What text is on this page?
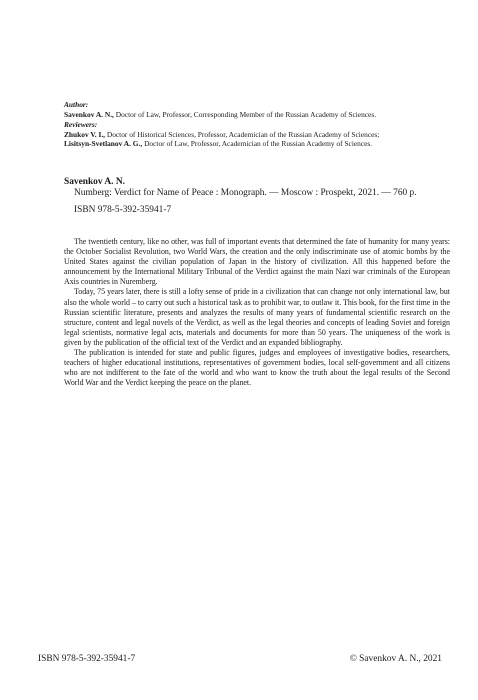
Author:

Savenkov A. N., Doctor of Law, Professor, Corresponding Member of the Russian Academy of Sciences.

Reviewers:

Zhukov V. I., Doctor of Historical Sciences, Professor, Academician of the Russian Academy of Sciences;

Lisitsyn-Svetlanov A. G., Doctor of Law, Professor, Academician of the Russian Academy of Sciences.

Savenkov A. N.

Numberg: Verdict for Name of Peace : Monograph. — Moscow : Prospekt, 2021. — 760 p.

ISBN 978-5-392-35941-7

The twentieth century, like no other, was full of important events that determined the fate of humanity for many years: the October Socialist Revolution, two World Wars, the creation and the only indiscriminate use of atomic bombs by the United States against the civilian population of Japan in the history of civilization. All this happened before the announcement by the International Military Tribunal of the Verdict against the main Nazi war criminals of the European Axis countries in Nuremberg.

Today, 75 years later, there is still a lofty sense of pride in a civilization that can change not only international law, but also the whole world – to carry out such a historical task as to prohibit war, to outlaw it. This book, for the first time in the Russian scientific literature, presents and analyzes the results of many years of fundamental scientific research on the structure, content and legal novels of the Verdict, as well as the legal theories and concepts of leading Soviet and foreign legal scientists, normative legal acts, materials and documents for more than 50 years. The uniqueness of the work is given by the publication of the official text of the Verdict and an expanded bibliography.

The publication is intended for state and public figures, judges and employees of investigative bodies, researchers, teachers of higher educational institutions, representatives of government bodies, local self-government and all citizens who are not indifferent to the fate of the world and who want to know the truth about the legal results of the Second World War and the Verdict keeping the peace on the planet.

ISBN 978-5-392-35941-7	© Savenkov A. N., 2021
